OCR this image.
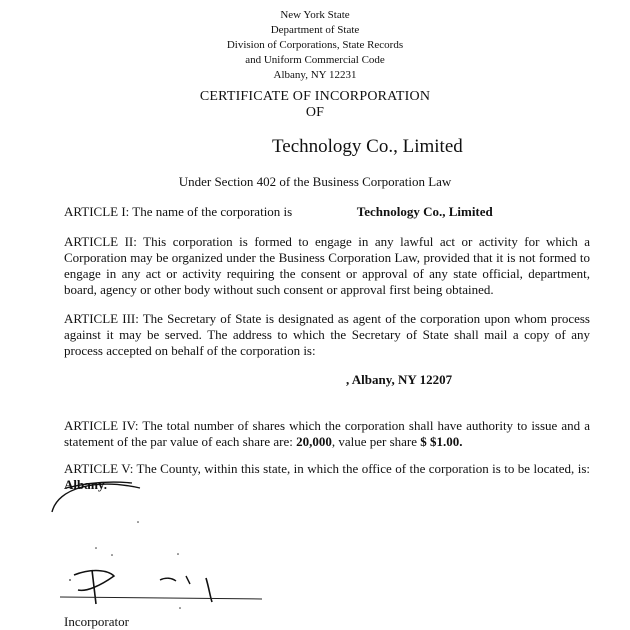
New York State
Department of State
Division of Corporations, State Records
and Uniform Commercial Code
Albany, NY 12231
CERTIFICATE OF INCORPORATION
OF
Technology Co., Limited
Under Section 402 of the Business Corporation Law
ARTICLE I: The name of the corporation is	Technology Co., Limited
ARTICLE II: This corporation is formed to engage in any lawful act or activity for which a Corporation may be organized under the Business Corporation Law, provided that it is not formed to engage in any act or activity requiring the consent or approval of any state official, department, board, agency or other body without such consent or approval first being obtained.
ARTICLE III: The Secretary of State is designated as agent of the corporation upon whom process against it may be served. The address to which the Secretary of State shall mail a copy of any process accepted on behalf of the corporation is:
, Albany, NY 12207
ARTICLE IV: The total number of shares which the corporation shall have authority to issue and a statement of the par value of each share are: 20,000, value per share $ $1.00.
ARTICLE V: The County, within this state, in which the office of the corporation is to be located, is: Albany.
Incorporator
